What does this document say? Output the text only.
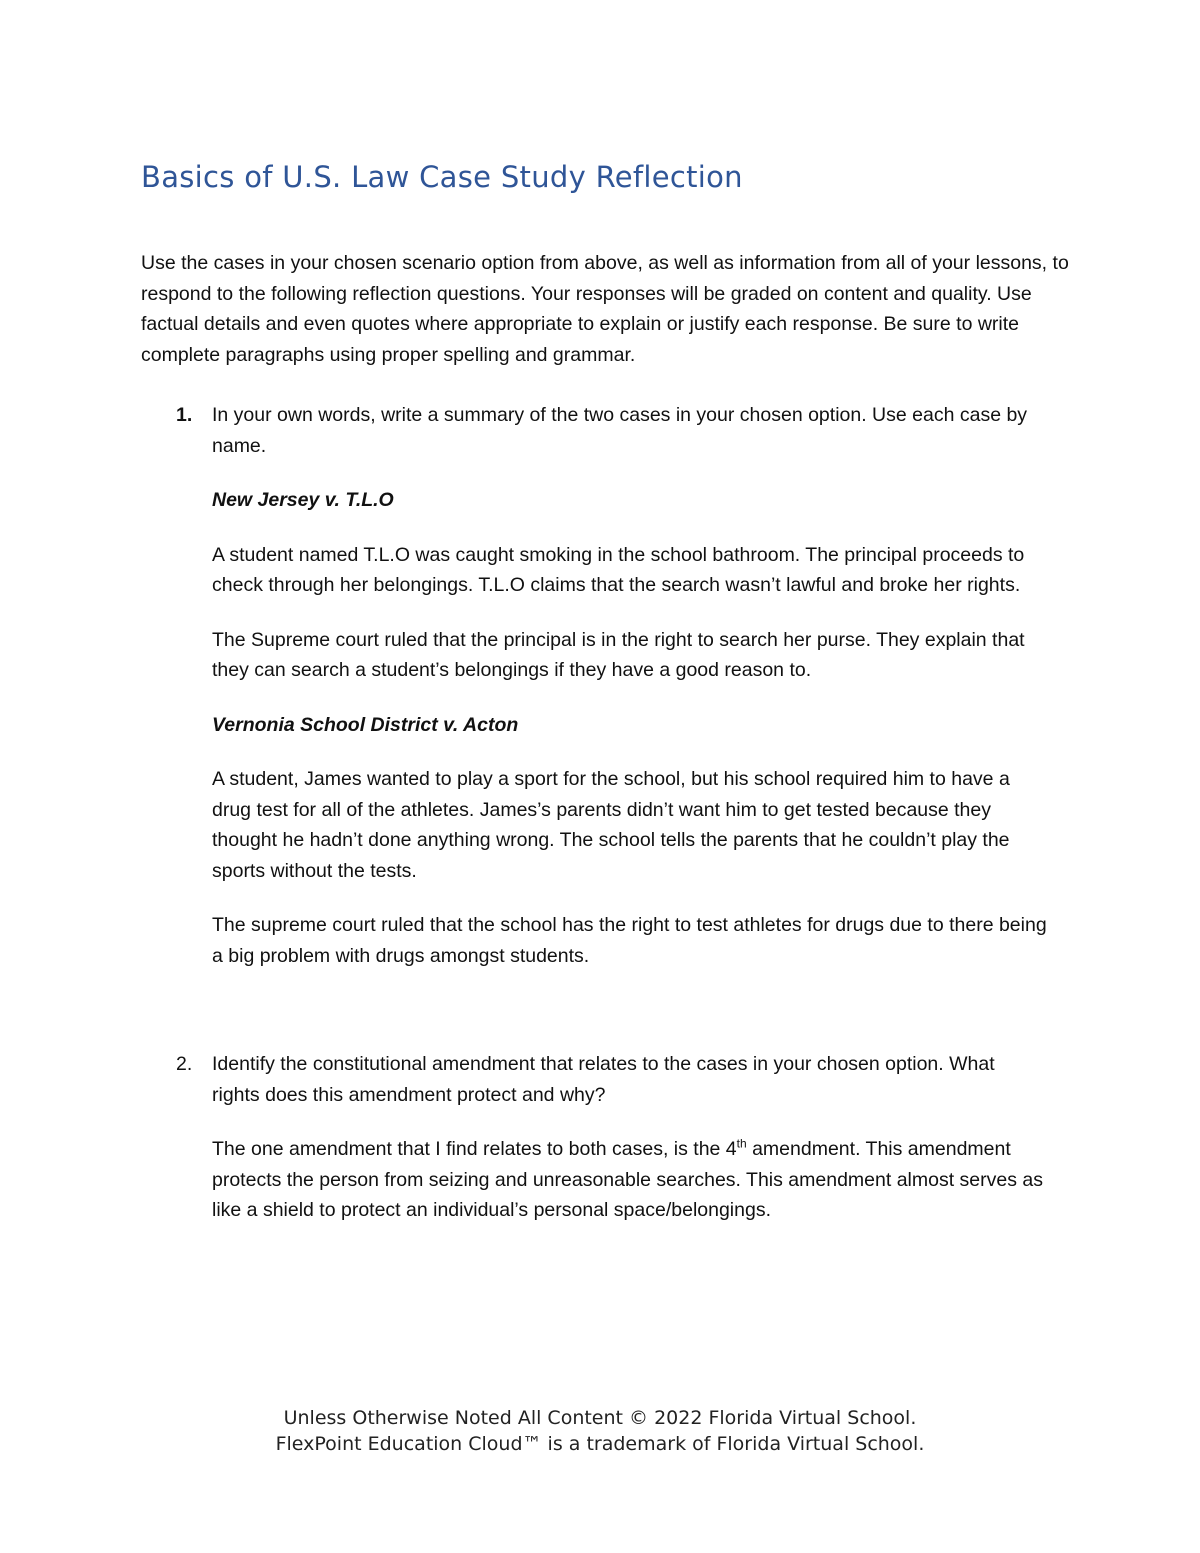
Basics of U.S. Law Case Study Reflection

Use the cases in your chosen scenario option from above, as well as information from all of your lessons, to respond to the following reflection questions. Your responses will be graded on content and quality. Use factual details and even quotes where appropriate to explain or justify each response. Be sure to write complete paragraphs using proper spelling and grammar.

1. In your own words, write a summary of the two cases in your chosen option. Use each case by name.

New Jersey v. T.L.O

A student named T.L.O was caught smoking in the school bathroom. The principal proceeds to check through her belongings. T.L.O claims that the search wasn’t lawful and broke her rights.

The Supreme court ruled that the principal is in the right to search her purse. They explain that they can search a student’s belongings if they have a good reason to.

Vernonia School District v. Acton

A student, James wanted to play a sport for the school, but his school required him to have a drug test for all of the athletes. James’s parents didn’t want him to get tested because they thought he hadn’t done anything wrong. The school tells the parents that he couldn’t play the sports without the tests.

The supreme court ruled that the school has the right to test athletes for drugs due to there being a big problem with drugs amongst students.

2. Identify the constitutional amendment that relates to the cases in your chosen option. What rights does this amendment protect and why?

The one amendment that I find relates to both cases, is the 4th amendment. This amendment protects the person from seizing and unreasonable searches. This amendment almost serves as like a shield to protect an individual’s personal space/belongings.

Unless Otherwise Noted All Content © 2022 Florida Virtual School.
FlexPoint Education Cloud™ is a trademark of Florida Virtual School.
